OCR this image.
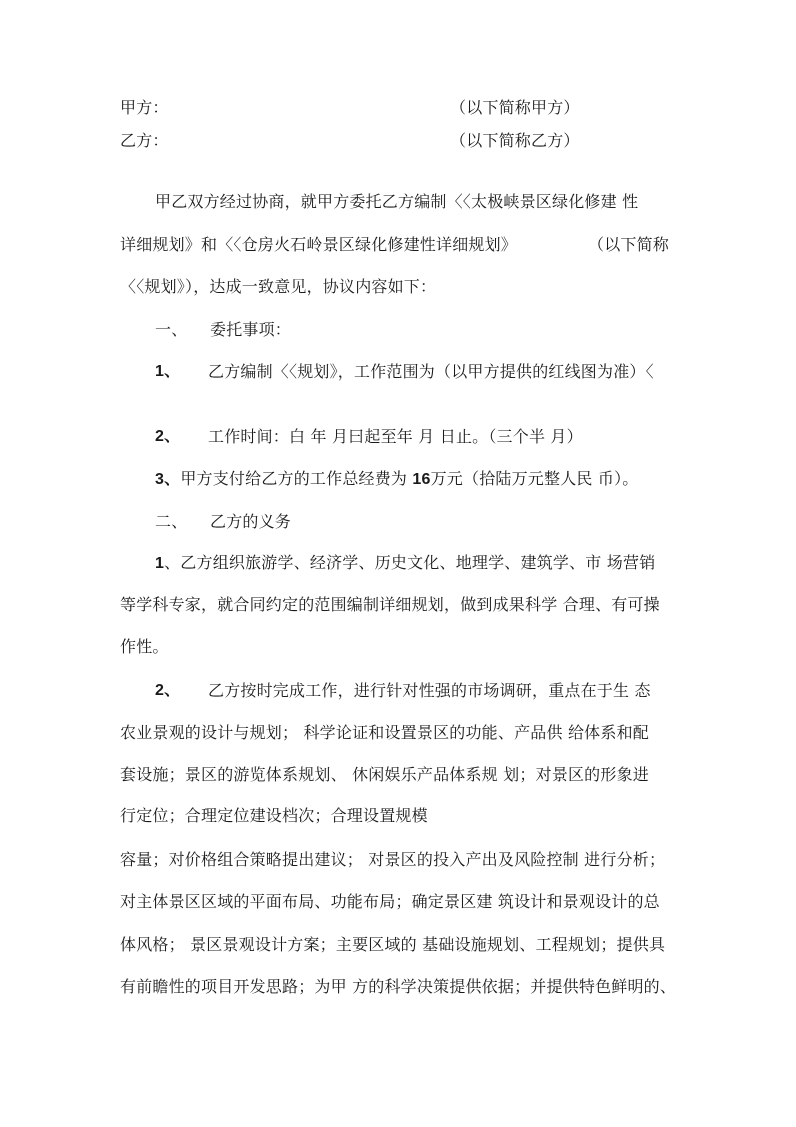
甲方：	（以下简称甲方）
乙方：	（以下简称乙方）
甲乙双方经过协商，就甲方委托乙方编制〈〈太极峡景区绿化修建 性
详细规划》和〈〈仓房火石岭景区绿化修建性详细规划》	（以下简称
〈〈规划》），达成一致意见，协议内容如下：
一、 委托事项：
1、 乙方编制〈〈规划》，工作范围为（以甲方提供的红线图为准）〈
2、 工作时间：白 年 月曰起至年 月 日止。（三个半 月）
3、甲方支付给乙方的工作总经费为 16万元（拾陆万元整人民 币）。
二、 乙方的义务
1、乙方组织旅游学、经济学、历史文化、地理学、建筑学、市 场营销
等学科专家，就合同约定的范围编制详细规划，做到成果科学 合理、有可操
作性。
2、 乙方按时完成工作，进行针对性强的市场调研，重点在于生 态
农业景观的设计与规划； 科学论证和设置景区的功能、产品供 给体系和配
套设施；景区的游览体系规划、 休闲娱乐产品体系规 划；对景区的形象进
行定位；合理定位建设档次；合理设置规模
容量；对价格组合策略提出建议； 对景区的投入产出及风险控制 进行分析；
对主体景区区域的平面布局、功能布局；确定景区建 筑设计和景观设计的总
体风格； 景区景观设计方案；主要区域的 基础设施规划、工程规划；提供具
有前瞻性的项目开发思路；为甲 方的科学决策提供依据；并提供特色鲜明的、
